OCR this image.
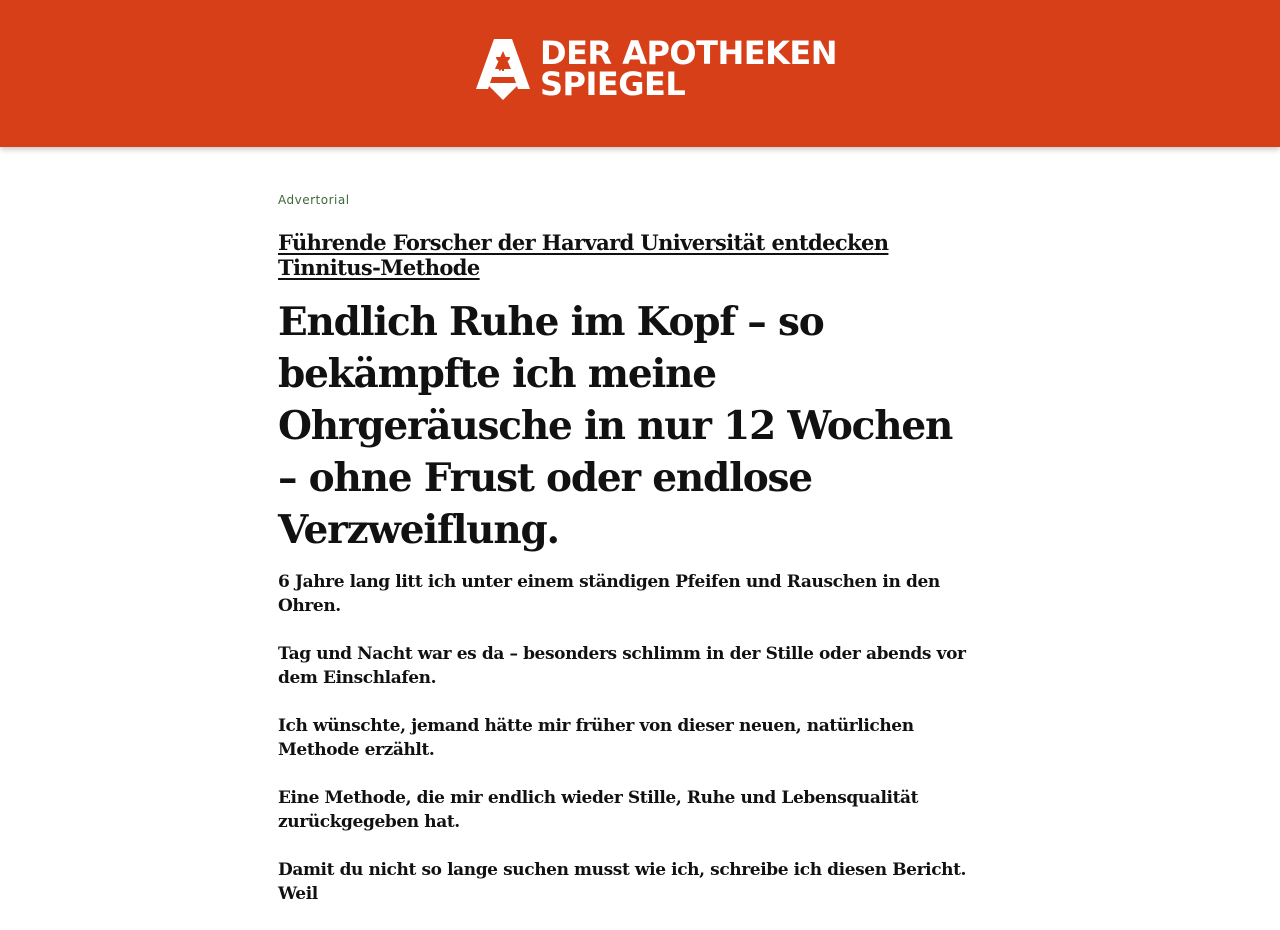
DER APOTHEKEN
SPIEGEL
Advertorial
Führende Forscher der Harvard Universität entdecken Tinnitus-Methode
Endlich Ruhe im Kopf – so bekämpfte ich meine Ohrgeräusche in nur 12 Wochen – ohne Frust oder endlose Verzweiflung.

6 Jahre lang litt ich unter einem ständigen Pfeifen und Rauschen in den Ohren.

Tag und Nacht war es da – besonders schlimm in der Stille oder abends vor dem Einschlafen.

Ich wünschte, jemand hätte mir früher von dieser neuen, natürlichen Methode erzählt.

Eine Methode, die mir endlich wieder Stille, Ruhe und Lebensqualität zurückgegeben hat.

Damit du nicht so lange suchen musst wie ich, schreibe ich diesen Bericht. Weil
